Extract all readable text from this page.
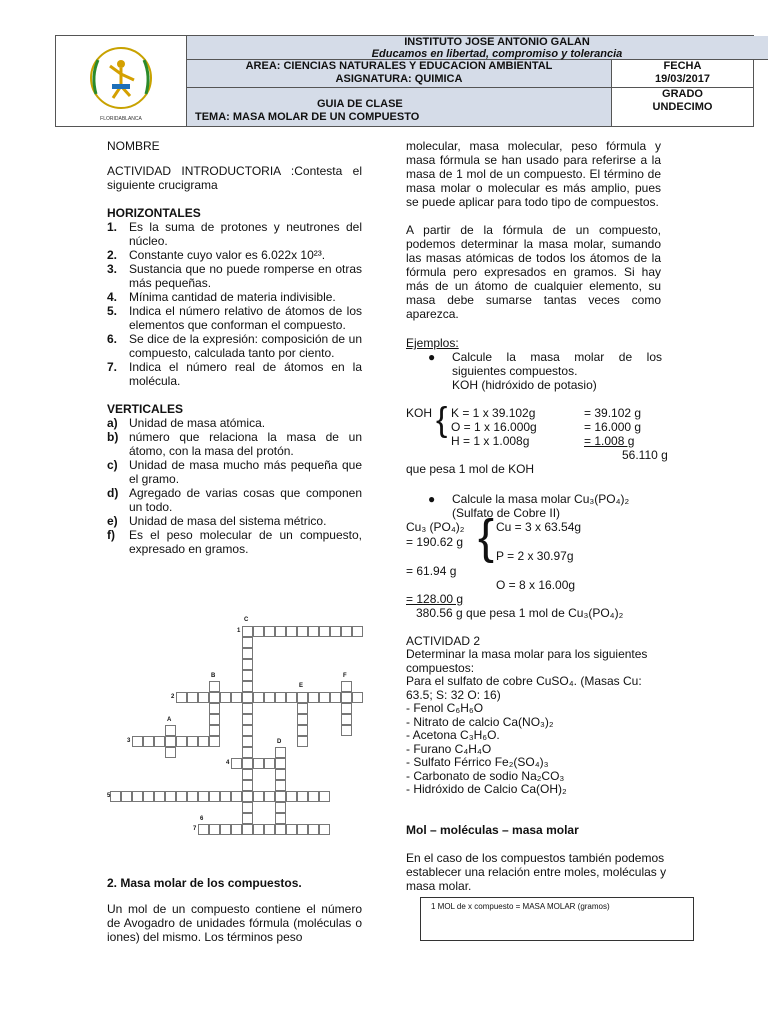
FLORIDABLANCA
INSTITUTO JOSE ANTONIO GALAN
Educamos en libertad, compromiso y tolerancia
AREA: CIENCIAS NATURALES Y EDUCACION AMBIENTAL
ASIGNATURA: QUIMICA
FECHA
19/03/2017
GUIA DE CLASE
TEMA: MASA MOLAR DE UN COMPUESTO
GRADO
UNDECIMO
NOMBRE
ACTIVIDAD INTRODUCTORIA :Contesta el siguiente crucigrama
HORIZONTALES
1. Es la suma de protones y neutrones del núcleo.
2. Constante cuyo valor es 6.022x 10²³.
3. Sustancia que no puede romperse en otras más pequeñas.
4. Mínima cantidad de materia indivisible.
5. Indica el número relativo de átomos de los elementos que conforman el compuesto.
6. Se dice de la expresión: composición de un compuesto, calculada tanto por ciento.
7. Indica el número real de átomos en la molécula.
VERTICALES
a) Unidad de masa atómica.
b) número que relaciona la masa de un átomo, con la masa del protón.
c) Unidad de masa mucho más pequeña que el gramo.
d) Agregado de varias cosas que componen un todo.
e) Unidad de masa del sistema métrico.
f) Es el peso molecular de un compuesto, expresado en gramos.
C
1
B	F
E
2
A
3	D
4
5
6
7
2. Masa molar de los compuestos.
Un mol de un compuesto contiene el número de Avogadro de unidades fórmula (moléculas o iones) del mismo. Los términos peso
molecular, masa molecular, peso fórmula y masa fórmula se han usado para referirse a la masa de 1 mol de un compuesto. El término de masa molar o molecular es más amplio, pues se puede aplicar para todo tipo de compuestos.
A partir de la fórmula de un compuesto, podemos determinar la masa molar, sumando las masas atómicas de todos los átomos de la fórmula pero expresados en gramos. Si hay más de un átomo de cualquier elemento, su masa debe sumarse tantas veces como aparezca.
Ejemplos:
● Calcule la masa molar de los siguientes compuestos.
KOH (hidróxido de potasio)
KOH { K = 1 x 39.102g	= 39.102 g
O = 1 x 16.000g	= 16.000 g
H = 1 x 1.008g	= 1.008 g
56.110 g
que pesa 1 mol de KOH
● Calcule la masa molar Cu₃(PO₄)₂
(Sulfato de Cobre II)
Cu₃ (PO₄)₂ { Cu = 3 x 63.54g
= 190.62 g
P = 2 x 30.97g
= 61.94 g
O = 8 x 16.00g
= 128.00 g
380.56 g que pesa 1 mol de Cu₃(PO₄)₂
ACTIVIDAD 2
Determinar la masa molar para los siguientes compuestos:
Para el sulfato de cobre CuSO₄. (Masas Cu: 63.5; S: 32 O: 16)
- Fenol C₆H₆O
- Nitrato de calcio Ca(NO₃)₂
- Acetona C₃H₆O.
- Furano C₄H₄O
- Sulfato Férrico Fe₂(SO₄)₃
- Carbonato de sodio Na₂CO₃
- Hidróxido de Calcio Ca(OH)₂
Mol – moléculas – masa molar
En el caso de los compuestos también podemos establecer una relación entre moles, moléculas y masa molar.
1 MOL de x compuesto = MASA MOLAR (gramos)
